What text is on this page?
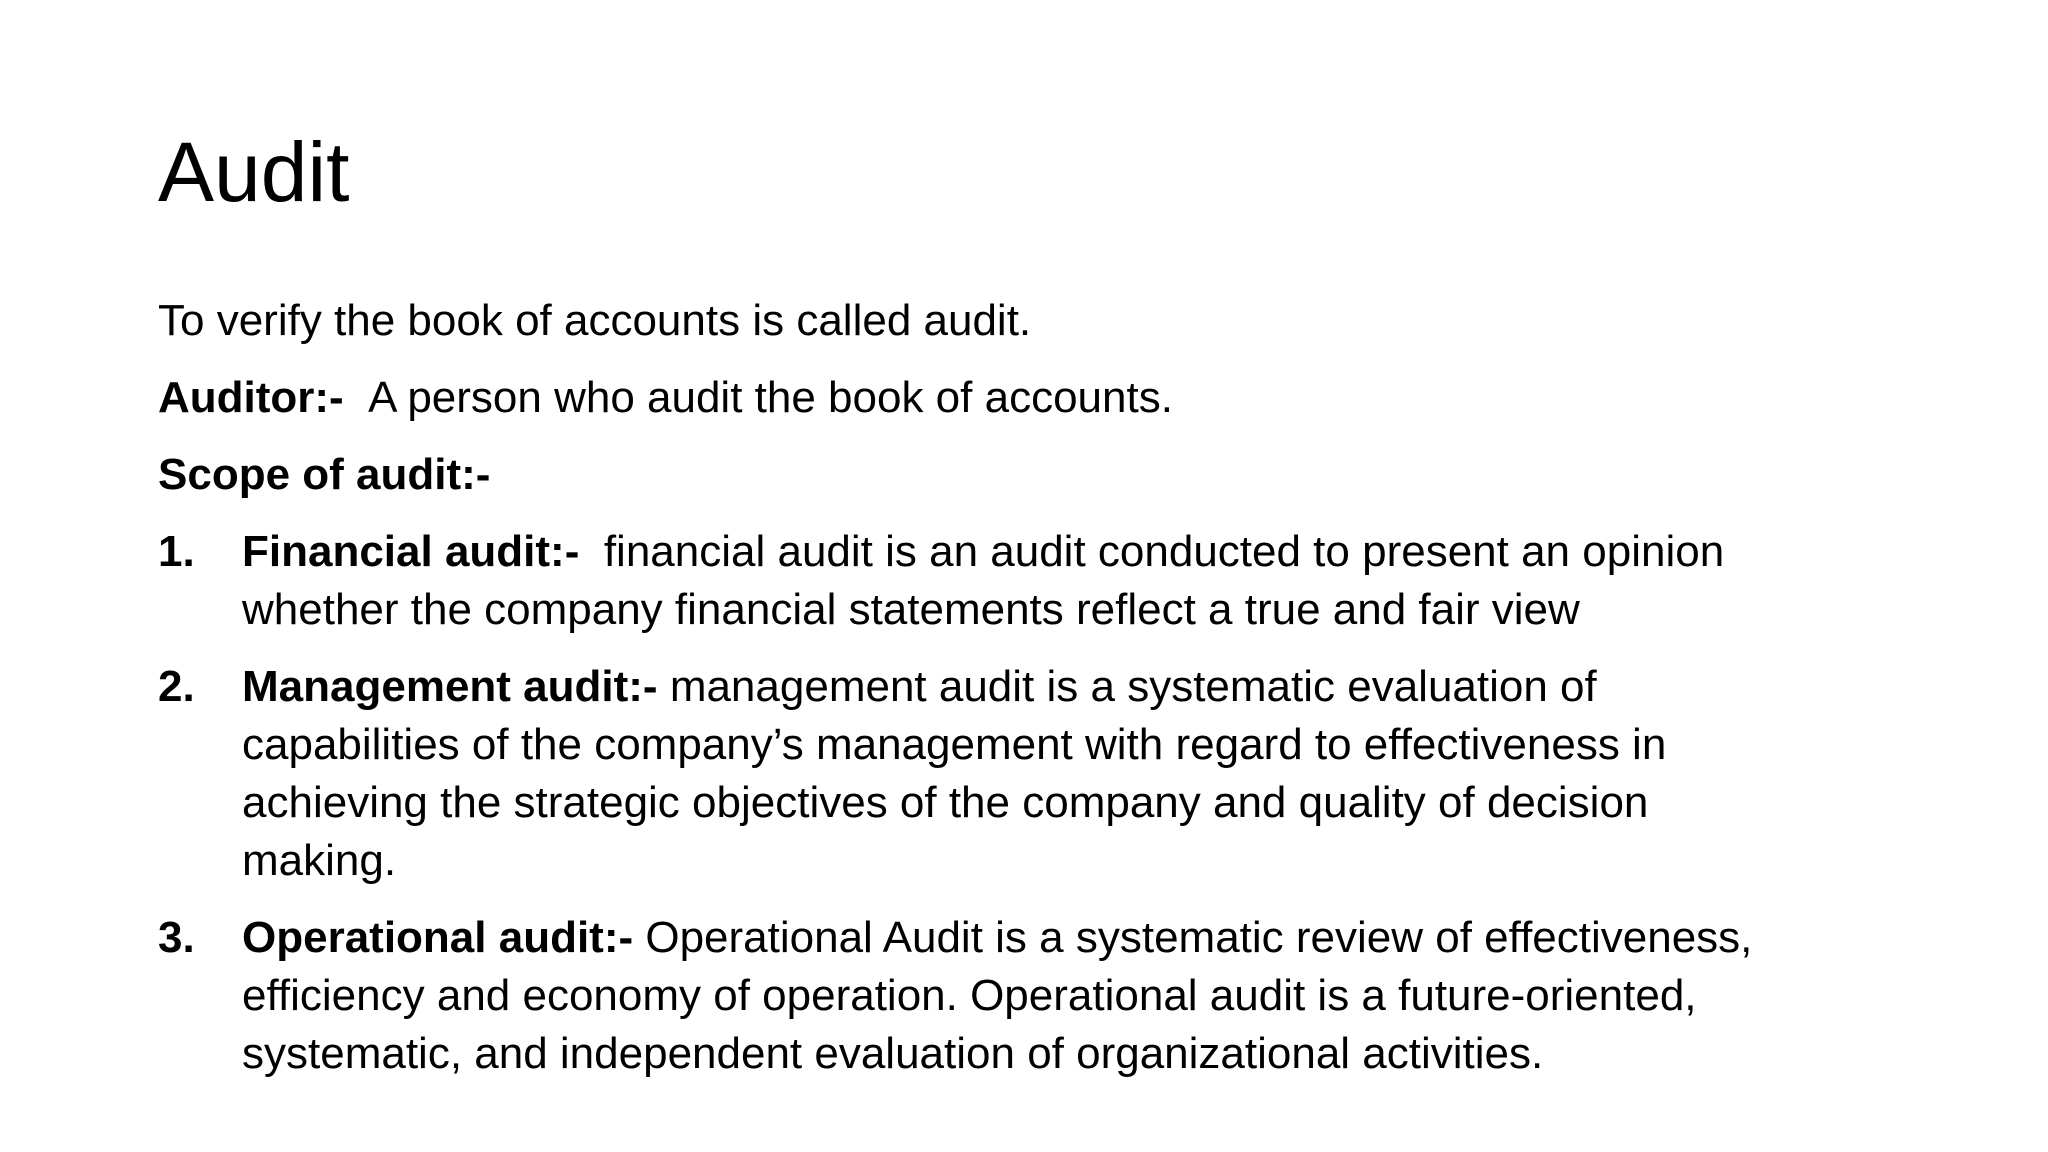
Audit

To verify the book of accounts is called audit.

Auditor:- A person who audit the book of accounts.

Scope of audit:-

1.	Financial audit:- financial audit is an audit conducted to present an opinion
whether the company financial statements reflect a true and fair view
2.	Management audit:- management audit is a systematic evaluation of
capabilities of the company’s management with regard to effectiveness in
achieving the strategic objectives of the company and quality of decision
making.
3.	Operational audit:- Operational Audit is a systematic review of effectiveness,
efficiency and economy of operation. Operational audit is a future-oriented,
systematic, and independent evaluation of organizational activities.
